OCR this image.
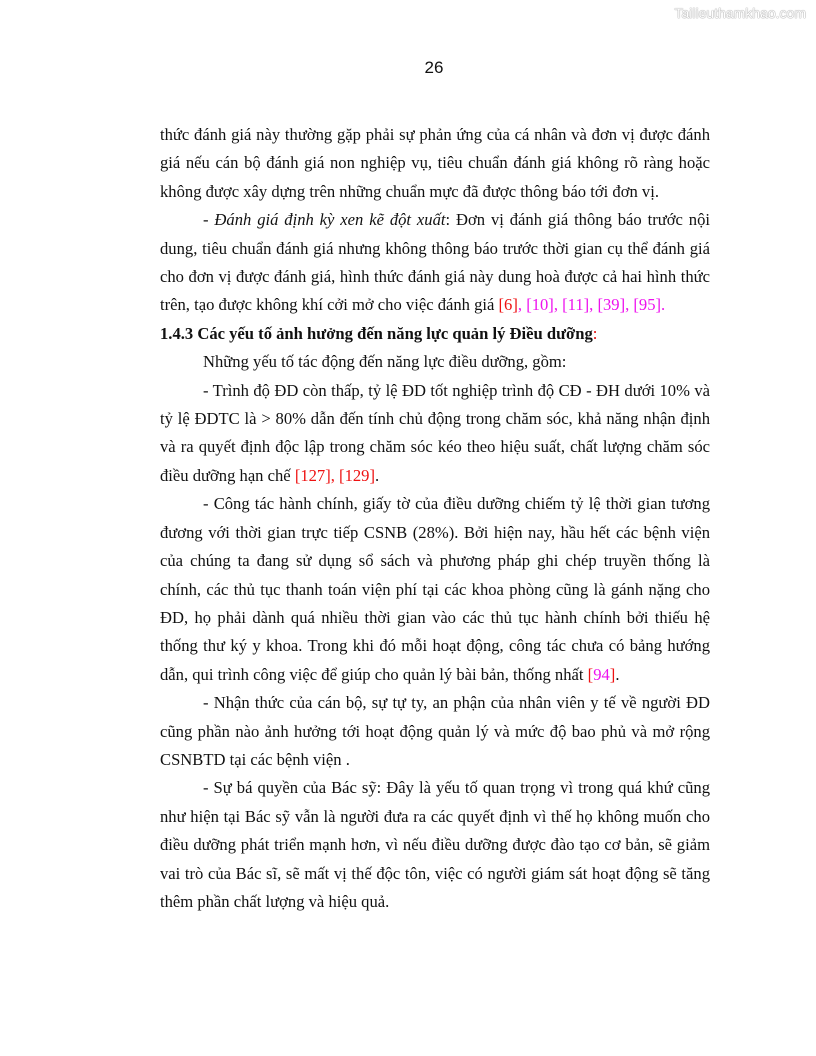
Tailieuthamkhao.com
26

thức đánh giá này thường gặp phải sự phản ứng của cá nhân và đơn vị được đánh giá nếu cán bộ đánh giá non nghiệp vụ, tiêu chuẩn đánh giá không rõ ràng hoặc không được xây dựng trên những chuẩn mực đã được thông báo tới đơn vị.

- Đánh giá định kỳ xen kẽ đột xuất: Đơn vị đánh giá thông báo trước nội dung, tiêu chuẩn đánh giá nhưng không thông báo trước thời gian cụ thể đánh giá cho đơn vị được đánh giá, hình thức đánh giá này dung hoà được cả hai hình thức trên, tạo được không khí cởi mở cho việc đánh giá [6], [10], [11], [39], [95].

1.4.3 Các yếu tố ảnh hưởng đến năng lực quản lý Điều dưỡng:

Những yếu tố tác động đến năng lực điều dưỡng, gồm:

- Trình độ ĐD còn thấp, tỷ lệ ĐD tốt nghiệp trình độ CĐ - ĐH dưới 10% và tỷ lệ ĐDTC là > 80% dẫn đến tính chủ động trong chăm sóc, khả năng nhận định và ra quyết định độc lập trong chăm sóc kéo theo hiệu suất, chất lượng chăm sóc điều dưỡng hạn chế [127], [129].

- Công tác hành chính, giấy tờ của điều dưỡng chiếm tỷ lệ thời gian tương đương với thời gian trực tiếp CSNB (28%). Bởi hiện nay, hầu hết các bệnh viện của chúng ta đang sử dụng sổ sách và phương pháp ghi chép truyền thống là chính, các thủ tục thanh toán viện phí tại các khoa phòng cũng là gánh nặng cho ĐD, họ phải dành quá nhiều thời gian vào các thủ tục hành chính bởi thiếu hệ thống thư ký y khoa. Trong khi đó mỗi hoạt động, công tác chưa có bảng hướng dẫn, qui trình công việc để giúp cho quản lý bài bản, thống nhất [94].

- Nhận thức của cán bộ, sự tự ty, an phận của nhân viên y tế về người ĐD cũng phần nào ảnh hưởng tới hoạt động quản lý và mức độ bao phủ và mở rộng CSNBTD tại các bệnh viện .

- Sự bá quyền của Bác sỹ: Đây là yếu tố quan trọng vì trong quá khứ cũng như hiện tại Bác sỹ vẫn là người đưa ra các quyết định vì thế họ không muốn cho điều dưỡng phát triển mạnh hơn, vì nếu điều dưỡng được đào tạo cơ bản, sẽ giảm vai trò của Bác sĩ, sẽ mất vị thế độc tôn, việc có người giám sát hoạt động sẽ tăng thêm phần chất lượng và hiệu quả.
